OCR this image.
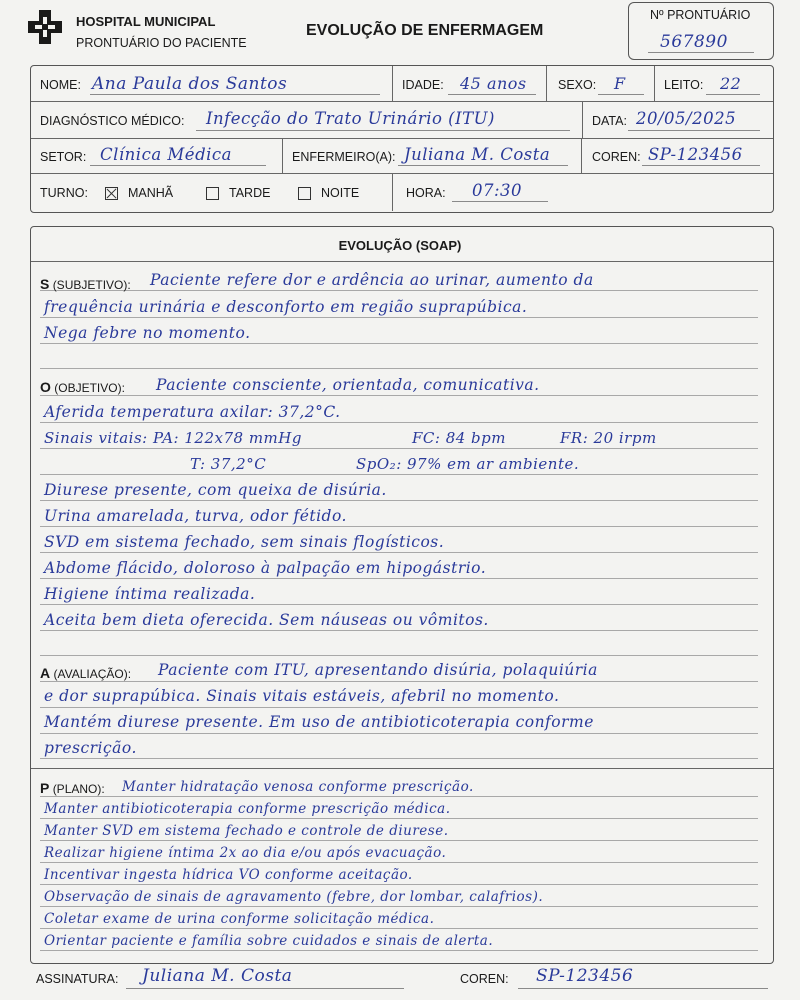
HOSPITAL MUNICIPAL
PRONTUÁRIO DO PACIENTE
EVOLUÇÃO DE ENFERMAGEM
Nº PRONTUÁRIO
567890
NOME: Ana Paula dos Santos	IDADE: 45 anos	SEXO: F	LEITO: 22
DIAGNÓSTICO MÉDICO: Infecção do Trato Urinário (ITU)	DATA: 20/05/2025
SETOR: Clínica Médica	ENFERMEIRO(A): Juliana M. Costa	COREN: SP-123456
TURNO:	MANHÃ	TARDE	NOITE	HORA: 07:30
EVOLUÇÃO (SOAP)
S (SUBJETIVO): Paciente refere dor e ardência ao urinar, aumento da
frequência urinária e desconforto em região suprapúbica.
Nega febre no momento.
O (OBJETIVO): Paciente consciente, orientada, comunicativa.
Aferida temperatura axilar: 37,2°C.
Sinais vitais: PA: 122x78 mmHg	FC: 84 bpm	FR: 20 irpm
T: 37,2°C	SpO₂: 97% em ar ambiente.
Diurese presente, com queixa de disúria.
Urina amarelada, turva, odor fétido.
SVD em sistema fechado, sem sinais flogísticos.
Abdome flácido, doloroso à palpação em hipogástrio.
Higiene íntima realizada.
Aceita bem dieta oferecida. Sem náuseas ou vômitos.
A (AVALIAÇÃO): Paciente com ITU, apresentando disúria, polaquiúria
e dor suprapúbica. Sinais vitais estáveis, afebril no momento.
Mantém diurese presente. Em uso de antibioticoterapia conforme
prescrição.
P (PLANO): Manter hidratação venosa conforme prescrição.
Manter antibioticoterapia conforme prescrição médica.
Manter SVD em sistema fechado e controle de diurese.
Realizar higiene íntima 2x ao dia e/ou após evacuação.
Incentivar ingesta hídrica VO conforme aceitação.
Observação de sinais de agravamento (febre, dor lombar, calafrios).
Coletar exame de urina conforme solicitação médica.
Orientar paciente e família sobre cuidados e sinais de alerta.
ASSINATURA: Juliana M. Costa	COREN: SP-123456
